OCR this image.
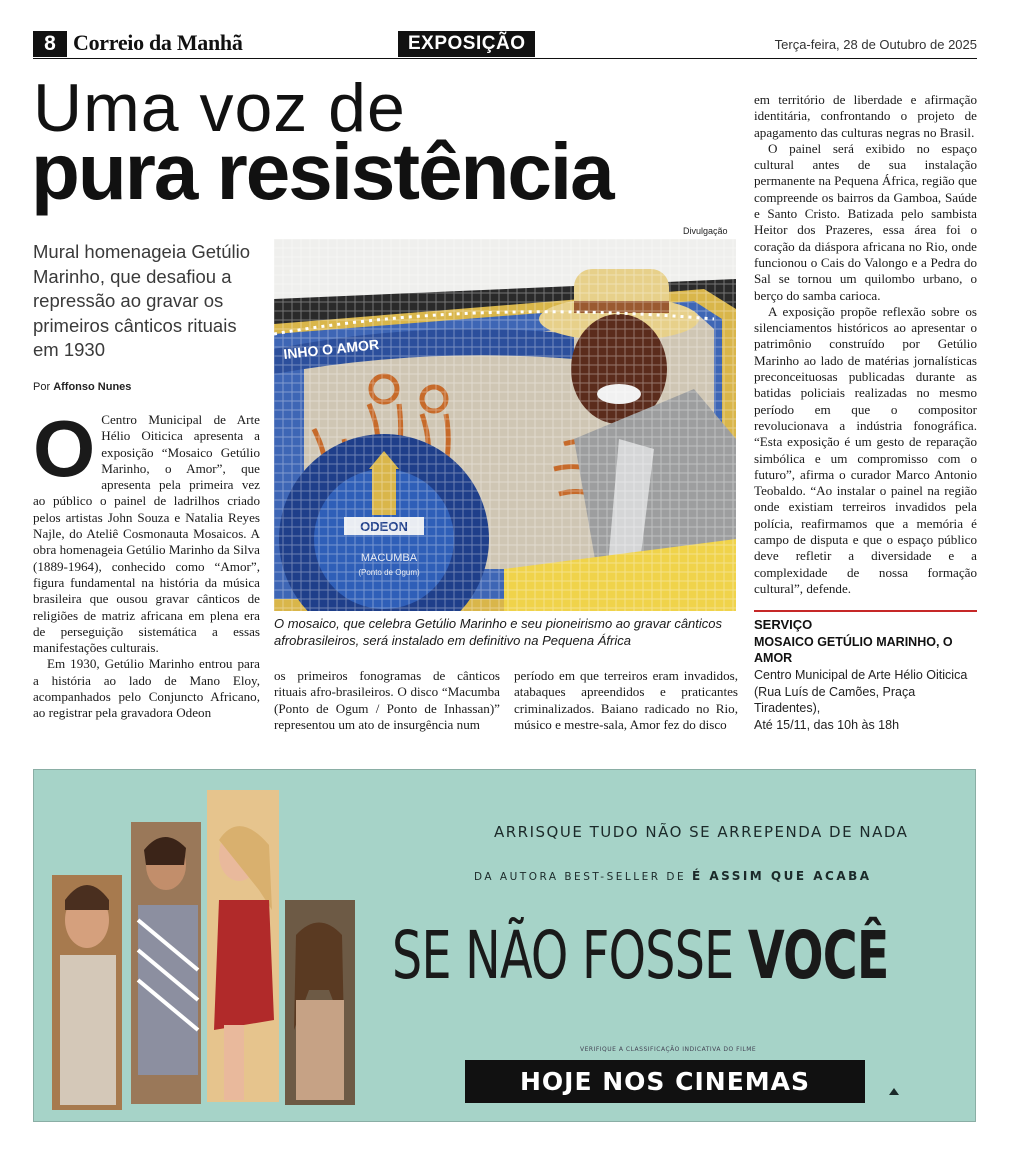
8 Correio da Manhã	EXPOSIÇÃO	Terça-feira, 28 de Outubro de 2025
Uma voz de
pura resistência
Mural homenageia Getúlio Marinho, que desafiou a repressão ao gravar os primeiros cânticos rituais em 1930
Por Affonso Nunes

O Centro Municipal de Arte Hélio Oiticica apresenta a exposição “Mosaico Getúlio Marinho, o Amor”, que apresenta pela primeira vez ao público o painel de ladrilhos criado pelos artistas John Souza e Natalia Reyes Najle, do Ateliê Cosmonauta Mosaicos. A obra homenageia Getúlio Marinho da Silva (1889-1964), conhecido como “Amor”, figura fundamental na história da música brasileira que ousou gravar cânticos de religiões de matriz africana em plena era de perseguição sistemática a essas manifestações culturais.

Em 1930, Getúlio Marinho entrou para a história ao lado de Mano Eloy, acompanhados pelo Conjuncto Africano, ao registrar pela gravadora Odeon

os primeiros fonogramas de cânticos rituais afro-brasileiros. O disco “Macumba (Ponto de Ogum / Ponto de Inhassan)” representou um ato de insurgência num

período em que terreiros eram invadidos, atabaques apreendidos e praticantes criminalizados. Baiano radicado no Rio, músico e mestre-sala, Amor fez do disco

em território de liberdade e afirmação identitária, confrontando o projeto de apagamento das culturas negras no Brasil.

O painel será exibido no espaço cultural antes de sua instalação permanente na Pequena África, região que compreende os bairros da Gamboa, Saúde e Santo Cristo. Batizada pelo sambista Heitor dos Prazeres, essa área foi o coração da diáspora africana no Rio, onde funcionou o Cais do Valongo e a Pedra do Sal se tornou um quilombo urbano, o berço do samba carioca.

A exposição propõe reflexão sobre os silenciamentos históricos ao apresentar o patrimônio construído por Getúlio Marinho ao lado de matérias jornalísticas preconceituosas publicadas durante as batidas policiais realizadas no mesmo período em que o compositor revolucionava a indústria fonográfica. “Esta exposição é um gesto de reparação simbólica e um compromisso com o futuro”, afirma o curador Marco Antonio Teobaldo. “Ao instalar o painel na região onde existiam terreiros invadidos pela polícia, reafirmamos que a memória é campo de disputa e que o espaço público deve refletir a diversidade e a complexidade de nossa formação cultural”, defende.

Divulgação
INHO O AMOR
O mosaico, que celebra Getúlio Marinho e seu pioneirismo ao gravar cânticos afrobrasileiros, será instalado em definitivo na Pequena África
SERVIÇO
MOSAICO GETÚLIO MARINHO, O AMOR
Centro Municipal de Arte Hélio Oiticica (Rua Luís de Camões, Praça Tiradentes),
Até 15/11, das 10h às 18h
ARRISQUE TUDO NÃO SE ARREPENDA DE NADA
DA AUTORA BEST-SELLER DE É ASSIM QUE ACABA
SE NÃO FOSSE VOCÊ
VERIFIQUE A CLASSIFICAÇÃO INDICATIVA DO FILME
HOJE NOS CINEMAS
